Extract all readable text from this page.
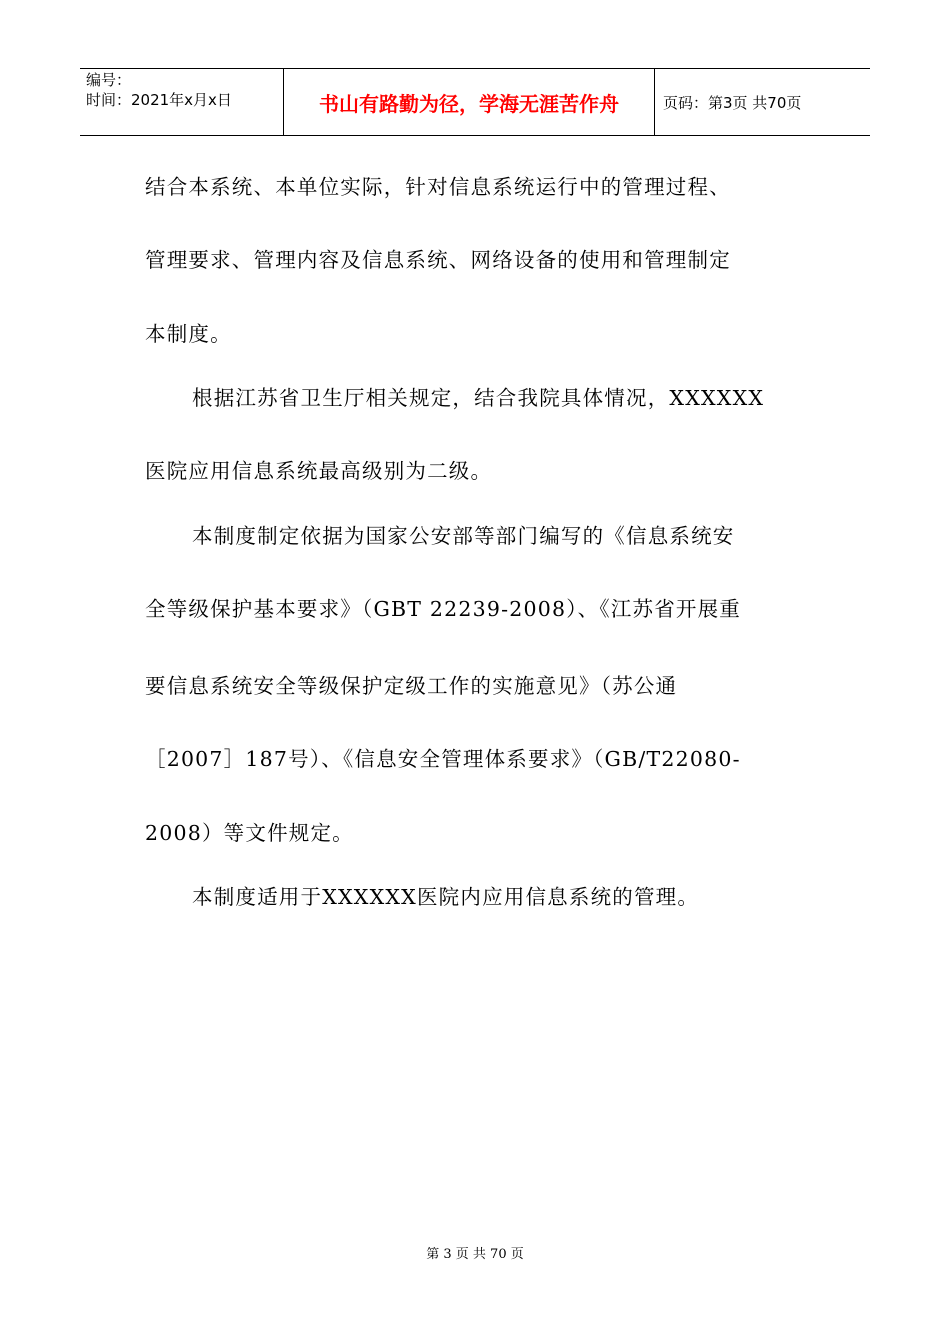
编号：
时间：2021年x月x日	书山有路勤为径，学海无涯苦作舟	页码：第3页 共70页
结合本系统、本单位实际，针对信息系统运行中的管理过程、
管理要求、管理内容及信息系统、网络设备的使用和管理制定
本制度。
根据江苏省卫生厅相关规定，结合我院具体情况，XXXXXX
医院应用信息系统最高级别为二级。
本制度制定依据为国家公安部等部门编写的《信息系统安
全等级保护基本要求》（GBT 22239-2008）、《江苏省开展重
要信息系统安全等级保护定级工作的实施意见》（苏公通
［2007］187号）、《信息安全管理体系要求》（GB/T22080-
2008）等文件规定。
本制度适用于XXXXXX医院内应用信息系统的管理。
第 3 页 共 70 页
